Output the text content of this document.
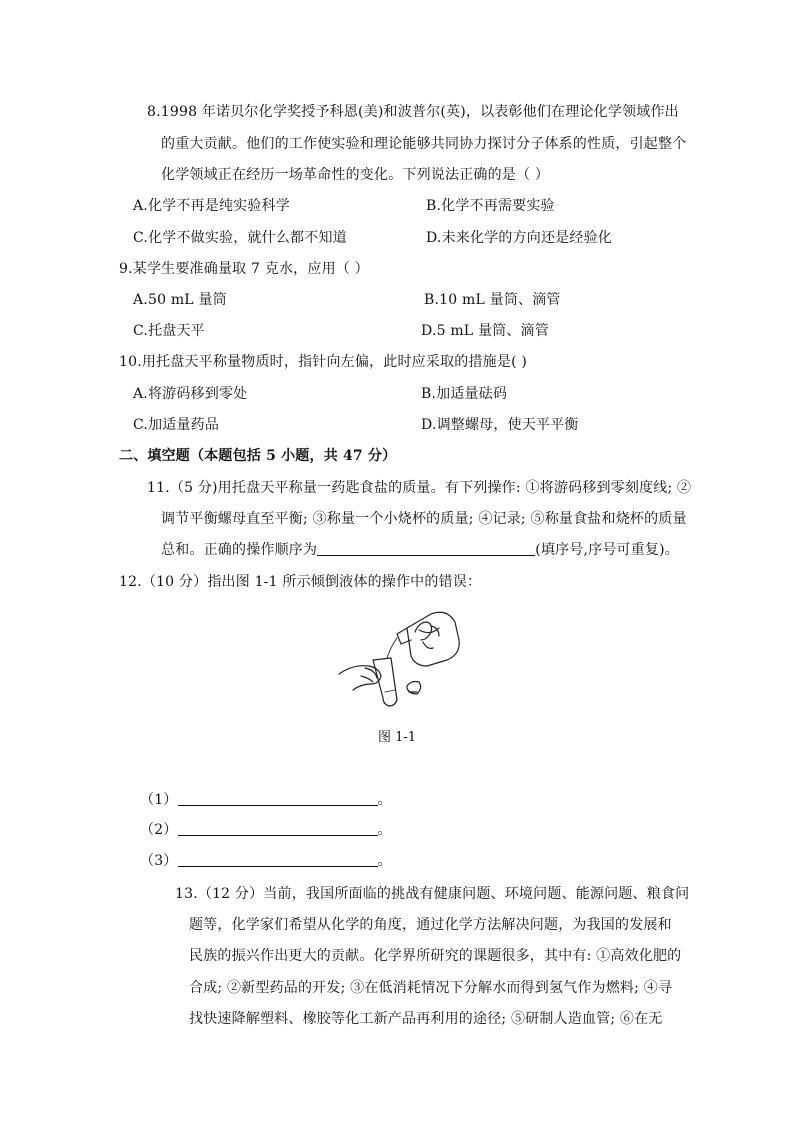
8.1998 年诺贝尔化学奖授予科恩(美)和波普尔(英)，以表彰他们在理论化学领域作出
的重大贡献。他们的工作使实验和理论能够共同协力探讨分子体系的性质，引起整个
化学领域正在经历一场革命性的变化。下列说法正确的是（ ）
A.化学不再是纯实验科学	B.化学不再需要实验
C.化学不做实验，就什么都不知道	D.未来化学的方向还是经验化
9.某学生要准确量取 7 克水，应用（ ）
A.50 mL 量筒	B.10 mL 量筒、滴管
C.托盘天平	D.5 mL 量筒、滴管
10.用托盘天平称量物质时，指针向左偏，此时应采取的措施是( )
A.将游码移到零处	B.加适量砝码
C.加适量药品	D.调整螺母，使天平平衡
二、填空题（本题包括 5 小题，共 47 分）
11.（5 分)用托盘天平称量一药匙食盐的质量。有下列操作: ①将游码移到零刻度线; ②
调节平衡螺母直至平衡; ③称量一个小烧杯的质量; ④记录; ⑤称量食盐和烧杯的质量
总和。正确的操作顺序为	(填序号,序号可重复)。
12.（10 分）指出图 1-1 所示倾倒液体的操作中的错误：
图 1-1
（1）	。
（2）	。
（3）	。
13.（12 分）当前，我国所面临的挑战有健康问题、环境问题、能源问题、粮食问
题等，化学家们希望从化学的角度，通过化学方法解决问题，为我国的发展和
民族的振兴作出更大的贡献。化学界所研究的课题很多，其中有: ①高效化肥的
合成; ②新型药品的开发; ③在低消耗情况下分解水而得到氢气作为燃料; ④寻
找快速降解塑料、橡胶等化工新产品再利用的途径; ⑤研制人造血管; ⑥在无
